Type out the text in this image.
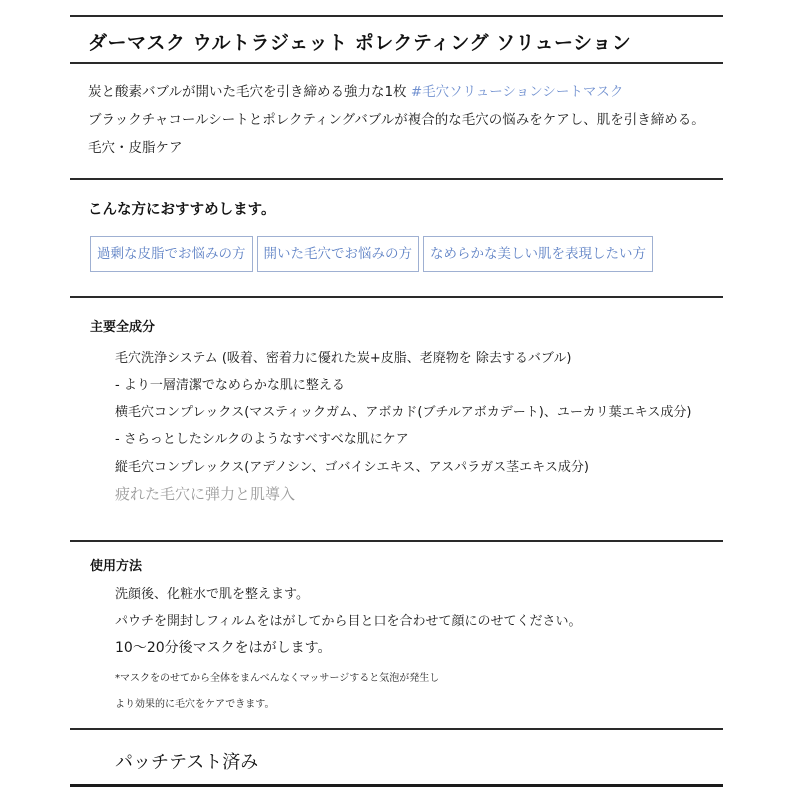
ダーマスク ウルトラジェット ポレクティング ソリューション
炭と酸素バブルが開いた毛穴を引き締める強力な1枚 #毛穴ソリューションシートマスク
ブラックチャコールシートとポレクティングバブルが複合的な毛穴の悩みをケアし、肌を引き締める。
毛穴・皮脂ケア
こんな方におすすめします。
過剰な皮脂でお悩みの方	開いた毛穴でお悩みの方	なめらかな美しい肌を表現したい方
主要全成分
毛穴洗浄システム (吸着、密着力に優れた炭+皮脂、老廃物を 除去するバブル)
- より一層清潔でなめらかな肌に整える
横毛穴コンプレックス(マスティックガム、アボカド(ブチルアボカデート)、ユーカリ葉エキス成分)
- さらっとしたシルクのようなすべすべな肌にケア
縦毛穴コンプレックス(アデノシン、ゴバイシエキス、アスパラガス茎エキス成分)
疲れた毛穴に弾力と肌導入
使用方法
洗顔後、化粧水で肌を整えます。
パウチを開封しフィルムをはがしてから目と口を合わせて顔にのせてください。
10～20分後マスクをはがします。
*マスクをのせてから全体をまんべんなくマッサージすると気泡が発生し
より効果的に毛穴をケアできます。
パッチテスト済み
